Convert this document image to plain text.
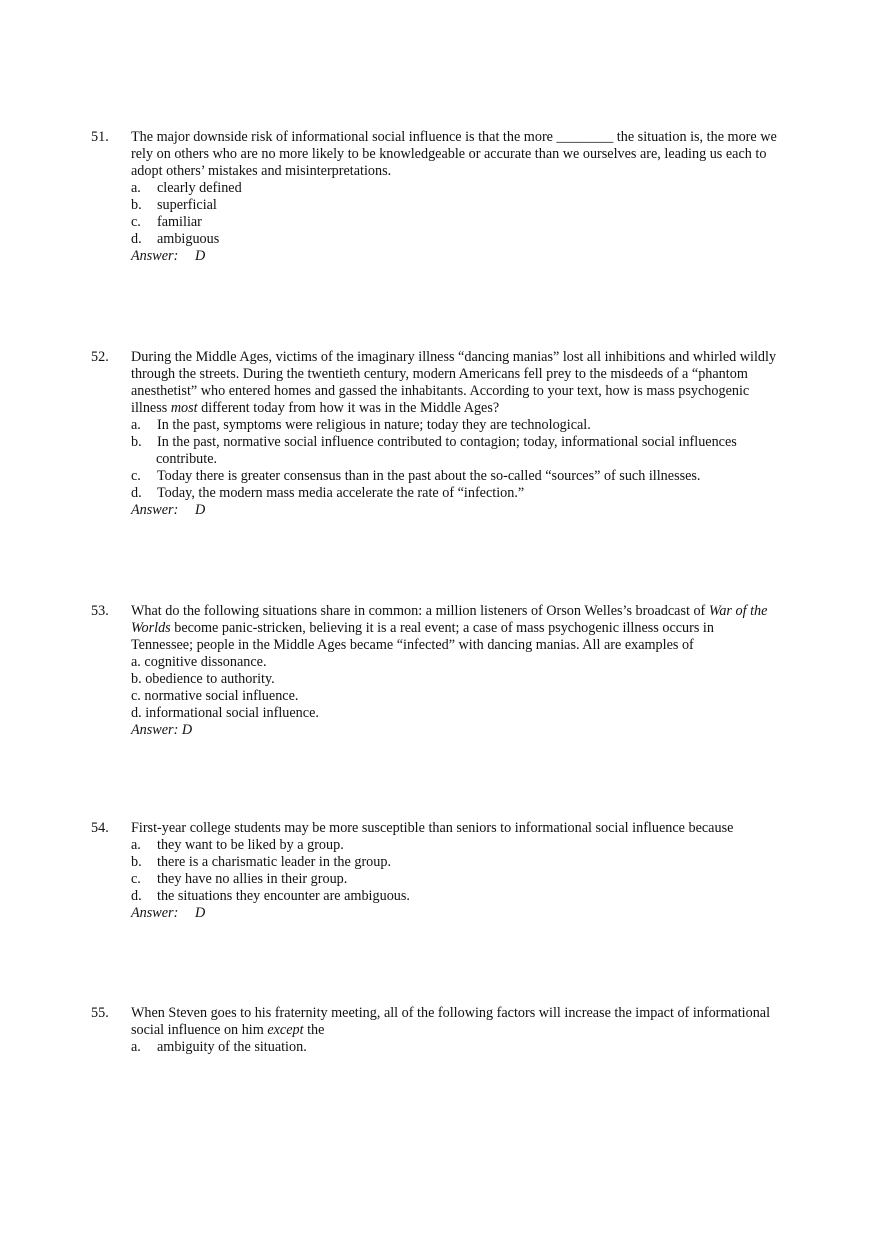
51. The major downside risk of informational social influence is that the more ________ the situation is, the more we
rely on others who are no more likely to be knowledgeable or accurate than we ourselves are, leading us each to
adopt others’ mistakes and misinterpretations.
a. clearly defined
b. superficial
c. familiar
d. ambiguous
Answer: D
52. During the Middle Ages, victims of the imaginary illness “dancing manias” lost all inhibitions and whirled wildly
through the streets. During the twentieth century, modern Americans fell prey to the misdeeds of a “phantom
anesthetist” who entered homes and gassed the inhabitants. According to your text, how is mass psychogenic
illness most different today from how it was in the Middle Ages?
a. In the past, symptoms were religious in nature; today they are technological.
b. In the past, normative social influence contributed to contagion; today, informational social influences
contribute.
c. Today there is greater consensus than in the past about the so-called “sources” of such illnesses.
d. Today, the modern mass media accelerate the rate of “infection.”
Answer: D
53. What do the following situations share in common: a million listeners of Orson Welles’s broadcast of War of the
Worlds become panic-stricken, believing it is a real event; a case of mass psychogenic illness occurs in
Tennessee; people in the Middle Ages became “infected” with dancing manias. All are examples of
a. cognitive dissonance.
b. obedience to authority.
c. normative social influence.
d. informational social influence.
Answer: D
54. First-year college students may be more susceptible than seniors to informational social influence because
a. they want to be liked by a group.
b. there is a charismatic leader in the group.
c. they have no allies in their group.
d. the situations they encounter are ambiguous.
Answer: D
55. When Steven goes to his fraternity meeting, all of the following factors will increase the impact of informational
social influence on him except the
a. ambiguity of the situation.
